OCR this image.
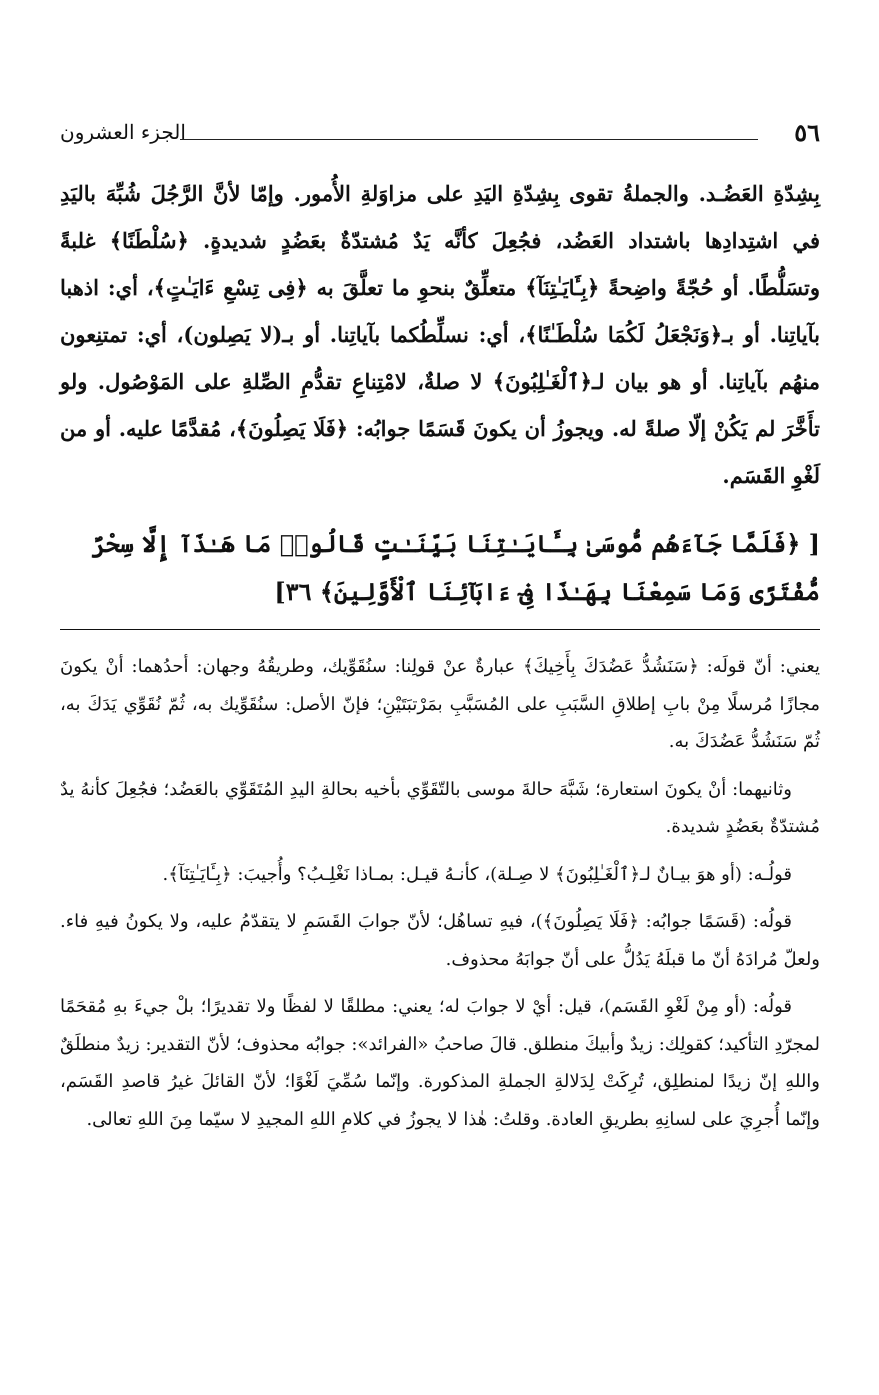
٥٦
الجزء العشرون

بِشِدّةِ العَضُـد. والجملةُ تقوى بِشِدّةِ اليَدِ على مزاوَلةِ الأُمور. وإمّا لأنَّ الرَّجُلَ شُبِّهَ باليَدِ في اشتِدادِها باشتداد العَضُد، فجُعِلَ كأنَّه يَدٌ مُشتدّةٌ بعَضُدٍ شديدةٍ. ﴿سُلْطَنًا﴾ غلبةً وتسَلُّطًا. أو حُجّةً واضِحةً ﴿بِـَٔايَـٰتِنَآ﴾ متعلِّقٌ بنحوِ ما تعلَّقَ به ﴿فِى تِسْعِ ءَايَـٰتٍ﴾، أي: اذهبا بآياتِنا. أو بـ﴿وَنَجْعَلُ لَكُمَا سُلْطَـٰنًا﴾، أي: نسلِّطُكما بآياتِنا. أو بـ(لا يَصِلون)، أي: تمتنِعون منهُم بآياتِنا. أو هو بيان لـ﴿ٱلْغَـٰلِبُونَ﴾ لا صلةٌ، لامْتِناعِ تقدُّمِ الصِّلةِ على المَوْصُول. ولو تأَخَّرَ لم يَكُنْ إلّا صلةً له. ويجوزُ أن يكونَ قَسَمًا جوابُه: ﴿فَلَا يَصِلُونَ﴾، مُقدَّمًا عليه. أو من لَغْوِ القَسَم.

[ ﴿فَلَمَّا جَآءَهُم مُّوسَىٰ بِـَٔايَـٰتِنَا بَيِّنَـٰتٍ قَالُوا۟ مَا هَـٰذَآ إِلَّا سِحْرٌ مُّفْتَرًى وَمَا سَمِعْنَا بِهَـٰذَا فِىٓ ءَابَآئِنَا ٱلْأَوَّلِينَ﴾ ٣٦]

يعني: أنّ قولَه: ﴿سَنَشُدُّ عَضُدَكَ بِأَخِيكَ﴾ عبارةٌ عنْ قولِنا: سنُقَوِّيك، وطريقُهُ وجهان: أحدُهما: أنْ يكونَ مجازًا مُرسلًا مِنْ بابِ إطلاقِ السَّبَبِ على المُسَبَّبِ بمَرْتبَتَيْنِ؛ فإنّ الأصل: سنُقَوِّيك به، ثُمّ نُقَوِّي يَدَكَ به، ثُمّ سَنَشُدُّ عَضُدَكَ به.

وثانيهما: أنْ يكونَ استعارة؛ شَبَّهَ حالةَ موسى بالتّقَوِّي بأخيه بحالةِ اليدِ المُتَقَوِّي بالعَضُد؛ فجُعِلَ كأنهُ يدٌ مُشتدّةٌ بعَضُدٍ شديدة.

قولُـه: (أو هوَ بيـانٌ لـ﴿ٱلْغَـٰلِبُونَ﴾ لا صِـلة)، كأنـهُ قيـل: بمـاذا نَغْلِـبُ؟ وأُجيبَ: ﴿بِـَٔايَـٰتِنَآ﴾.

قولُه: (قَسَمًا جوابُه: ﴿فَلَا يَصِلُونَ﴾)، فيهِ تساهُل؛ لأنّ جوابَ القَسَمِ لا يتقدّمُ عليه، ولا يكونُ فيهِ فاء. ولعلّ مُرادَهُ أنّ ما قبلَهُ يَدُلُّ على أنّ جوابَهُ محذوف.

قولُه: (أو مِنْ لَغْوِ القَسَم)، قيل: أيْ لا جوابَ له؛ يعني: مطلقًا لا لفظًا ولا تقديرًا؛ بلْ جيءَ بهِ مُقحَمًا لمجرّدِ التأكيد؛ كقولِك: زيدٌ وأبيكَ منطلق. قالَ صاحبُ «الفرائد»: جوابُه محذوف؛ لأنّ التقدير: زيدٌ منطلَقٌ واللهِ إنّ زيدًا لمنطلِق، تُرِكَتْ لِدَلالةِ الجملةِ المذكورة. وإنّما سُمِّيَ لَغْوًا؛ لأنّ القائلَ غيرُ قاصدِ القَسَم، وإنّما أُجرِيَ على لسانِهِ بطريقِ العادة. وقلتُ: هٰذا لا يجوزُ في كلامِ اللهِ المجيدِ لا سيّما مِنَ اللهِ تعالى.
